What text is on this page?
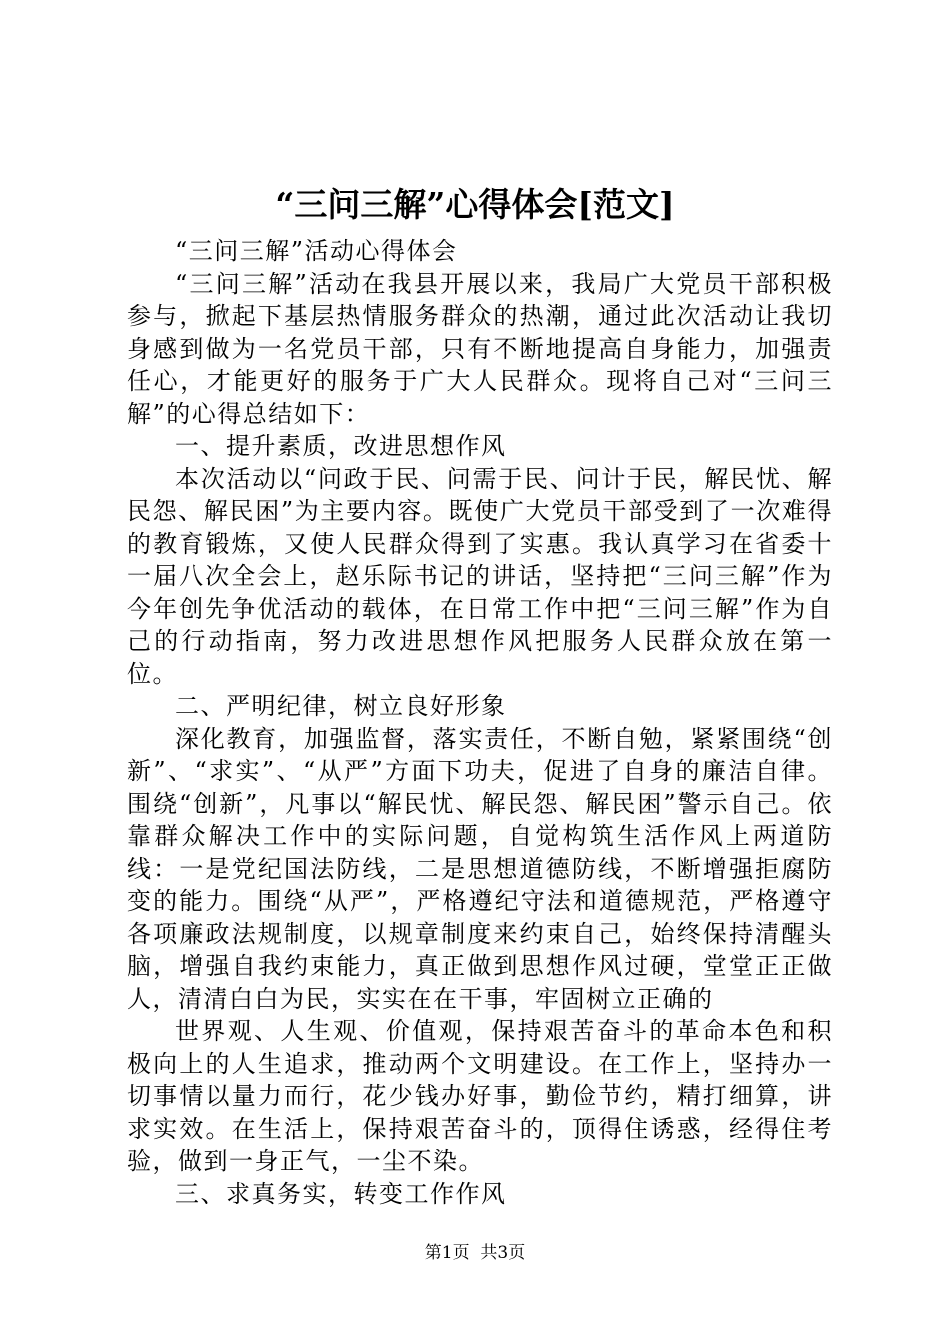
“三问三解”心得体会[范文]

“三问三解”活动心得体会

“三问三解”活动在我县开展以来，我局广大党员干部积极参与，掀起下基层热情服务群众的热潮，通过此次活动让我切身感到做为一名党员干部，只有不断地提高自身能力，加强责任心，才能更好的服务于广大人民群众。现将自己对“三问三解”的心得总结如下：

一、提升素质，改进思想作风

本次活动以“问政于民、问需于民、问计于民，解民忧、解民怨、解民困”为主要内容。既使广大党员干部受到了一次难得的教育锻炼，又使人民群众得到了实惠。我认真学习在省委十一届八次全会上，赵乐际书记的讲话，坚持把“三问三解”作为今年创先争优活动的载体，在日常工作中把“三问三解”作为自己的行动指南，努力改进思想作风把服务人民群众放在第一位。

二、严明纪律，树立良好形象

深化教育，加强监督，落实责任，不断自勉，紧紧围绕“创新”、“求实”、“从严”方面下功夫，促进了自身的廉洁自律。围绕“创新”，凡事以“解民忧、解民怨、解民困”警示自己。依靠群众解决工作中的实际问题，自觉构筑生活作风上两道防线：一是党纪国法防线，二是思想道德防线，不断增强拒腐防变的能力。围绕“从严”，严格遵纪守法和道德规范，严格遵守各项廉政法规制度，以规章制度来约束自己，始终保持清醒头脑，增强自我约束能力，真正做到思想作风过硬，堂堂正正做人，清清白白为民，实实在在干事，牢固树立正确的

世界观、人生观、价值观，保持艰苦奋斗的革命本色和积极向上的人生追求，推动两个文明建设。在工作上，坚持办一切事情以量力而行，花少钱办好事，勤俭节约，精打细算，讲求实效。在生活上，保持艰苦奋斗的，顶得住诱惑，经得住考验，做到一身正气，一尘不染。

三、求真务实，转变工作作风

第1页  共3页
